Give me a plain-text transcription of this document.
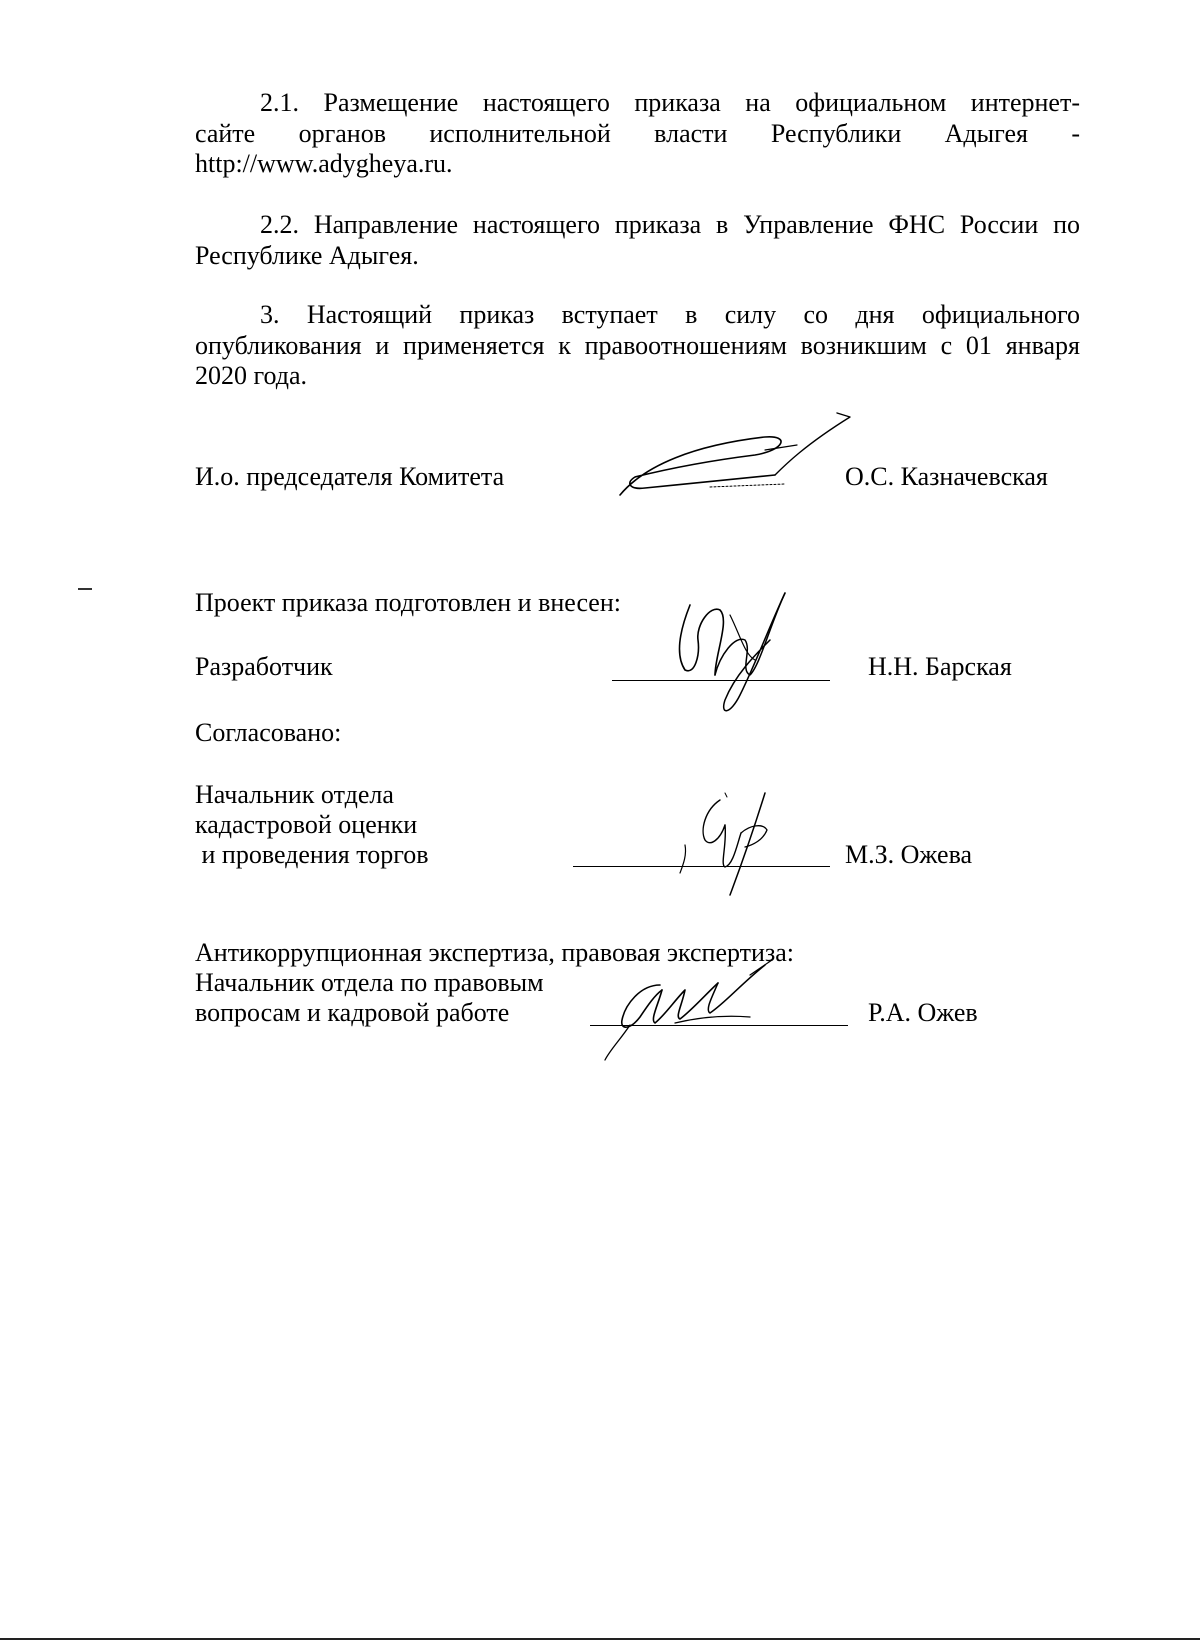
2.1. Размещение настоящего приказа на официальном интернет-
сайте органов исполнительной власти Республики Адыгея -
http://www.adygheya.ru.
2.2. Направление настоящего приказа в Управление ФНС России по Республике Адыгея.
3. Настоящий приказ вступает в силу со дня официального опубликования и применяется к правоотношениям возникшим с 01 января 2020 года.
И.о. председателя Комитета	О.С. Казначевская
Проект приказа подготовлен и внесен:
Разработчик	Н.Н. Барская
Согласовано:
Начальник отдела
кадастровой оценки
и проведения торгов	М.З. Ожева
Антикоррупционная экспертиза, правовая экспертиза:
Начальник отдела по правовым
вопросам и кадровой работе	Р.А. Ожев
